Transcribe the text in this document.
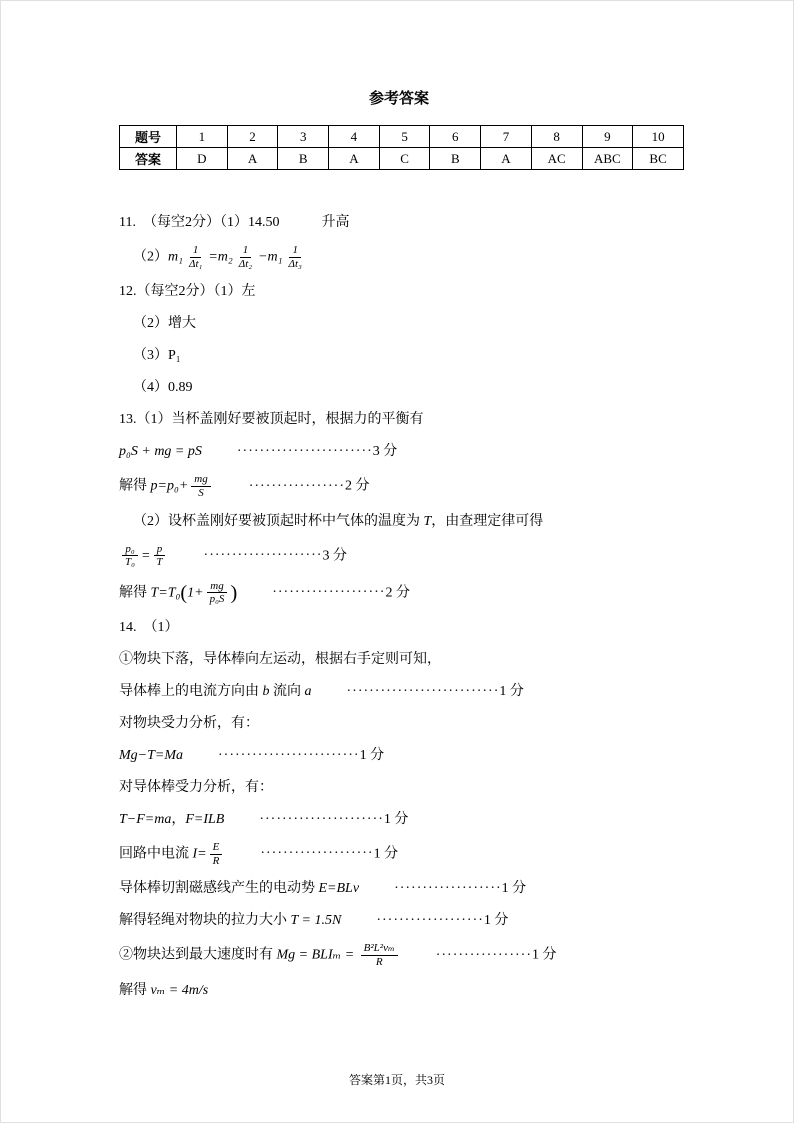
参考答案
题号	1	2	3	4	5	6	7	8	9	10
答案	D	A	B	A	C	B	A	AC	ABC	BC
11.　（每空2分）（1）14.50　　　升高
$(2)m_1 \frac{1}{\text{Δt₁}} =m_2 \frac{1}{\text{Δt₂}} -m_1 \frac{1}{\text{Δt₃}}$
12.（每空2分）（1）左
（2）增大
（3）P₁
（4）0.89
13.（1）当杯盖刚好要被顶起时，根据力的平衡有
p₀S + mg = pS	························3 分
解得 $p=p_0+ \frac{mg}{S}$	·················2 分
（2）设杯盖刚好要被顶起时杯中气体的温度为 T，由查理定律可得
$\frac{\text{p₀}}{\text{T₀}} = \frac{p}{T}$	·····················3 分
解得 $T=T_0(1+ \frac{mg}{\text{p₀S}}$ )	····················2 分
14.　（1）
①物块下落，导体棒向左运动，根据右手定则可知，
导体棒上的电流方向由 b 流向 a	···························1 分
对物块受力分析，有：
Mg−T=Ma	·························1 分
对导体棒受力分析，有：
T−F=ma，F=ILB	······················1 分
回路中电流 $I= \frac{E}{R}$	····················1 分
导体棒切割磁感线产生的电动势 E=BLv	···················1 分
解得轻绳对物块的拉力大小 T = 1.5N	···················1 分
②物块达到最大速度时有 $Mg = BLI_m = \frac{\text{B²L²vₘ}}{R}$	·················1 分
解得 vₘ = 4m/s
答案第1页，共3页
